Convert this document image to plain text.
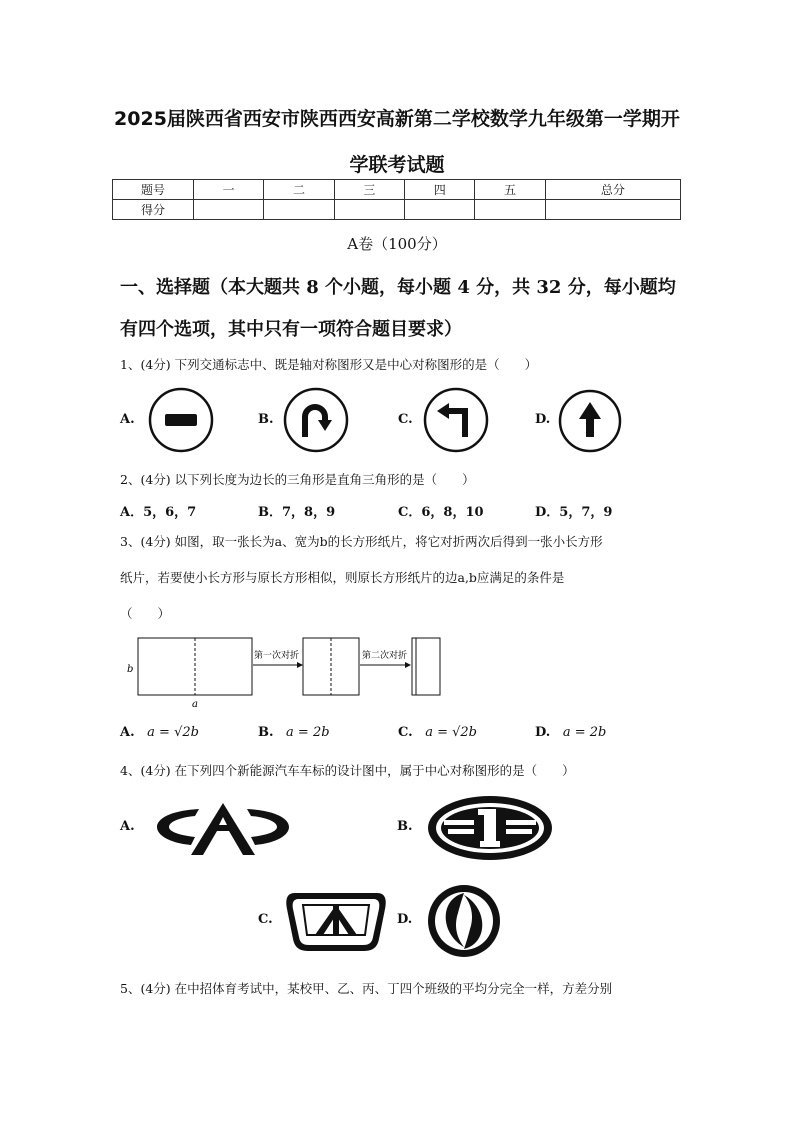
2025届陕西省西安市陕西西安高新第二学校数学九年级第一学期开
学联考试题
题号	一	二	三	四	五	总分
得分						
A卷（100分）
一、选择题（本大题共 8 个小题，每小题 4 分，共 32 分，每小题均
有四个选项，其中只有一项符合题目要求）
1、(4分) 下列交通标志中、既是轴对称图形又是中心对称图形的是（　　）
A.	B.	C.	D.
2、(4分) 以下列长度为边长的三角形是直角三角形的是（　　）
A．5，6，7	B．7，8，9	C．6，8，10	D．5，7，9
3、(4分) 如图，取一张长为a、宽为b的长方形纸片，将它对折两次后得到一张小长方形
纸片，若要使小长方形与原长方形相似，则原长方形纸片的边a,b应满足的条件是
（　　）
b
a
第一次对折	第二次对折
A. a = √2b	B. a = 2b	C. a = √2b	D. a = 2b
4、(4分) 在下列四个新能源汽车车标的设计图中，属于中心对称图形的是（　　）
A.	B.
C.	D.
5、(4分) 在中招体育考试中，某校甲、乙、丙、丁四个班级的平均分完全一样，方差分别
